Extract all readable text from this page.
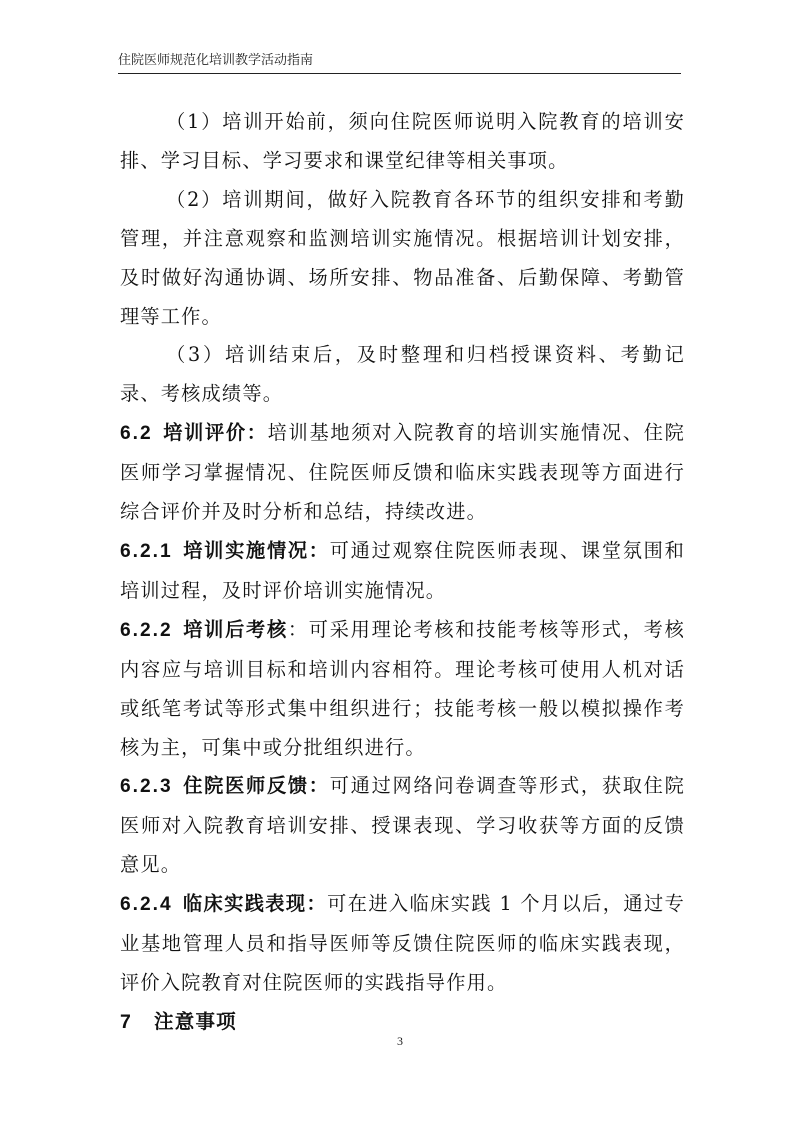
住院医师规范化培训教学活动指南

（1）培训开始前，须向住院医师说明入院教育的培训安排、学习目标、学习要求和课堂纪律等相关事项。

（2）培训期间，做好入院教育各环节的组织安排和考勤管理，并注意观察和监测培训实施情况。根据培训计划安排，及时做好沟通协调、场所安排、物品准备、后勤保障、考勤管理等工作。

（3）培训结束后，及时整理和归档授课资料、考勤记录、考核成绩等。

6.2 培训评价：培训基地须对入院教育的培训实施情况、住院医师学习掌握情况、住院医师反馈和临床实践表现等方面进行综合评价并及时分析和总结，持续改进。

6.2.1 培训实施情况：可通过观察住院医师表现、课堂氛围和培训过程，及时评价培训实施情况。

6.2.2 培训后考核：可采用理论考核和技能考核等形式，考核内容应与培训目标和培训内容相符。理论考核可使用人机对话或纸笔考试等形式集中组织进行；技能考核一般以模拟操作考核为主，可集中或分批组织进行。

6.2.3 住院医师反馈：可通过网络问卷调查等形式，获取住院医师对入院教育培训安排、授课表现、学习收获等方面的反馈意见。

6.2.4 临床实践表现：可在进入临床实践 1 个月以后，通过专业基地管理人员和指导医师等反馈住院医师的临床实践表现，评价入院教育对住院医师的实践指导作用。

7 注意事项

3
